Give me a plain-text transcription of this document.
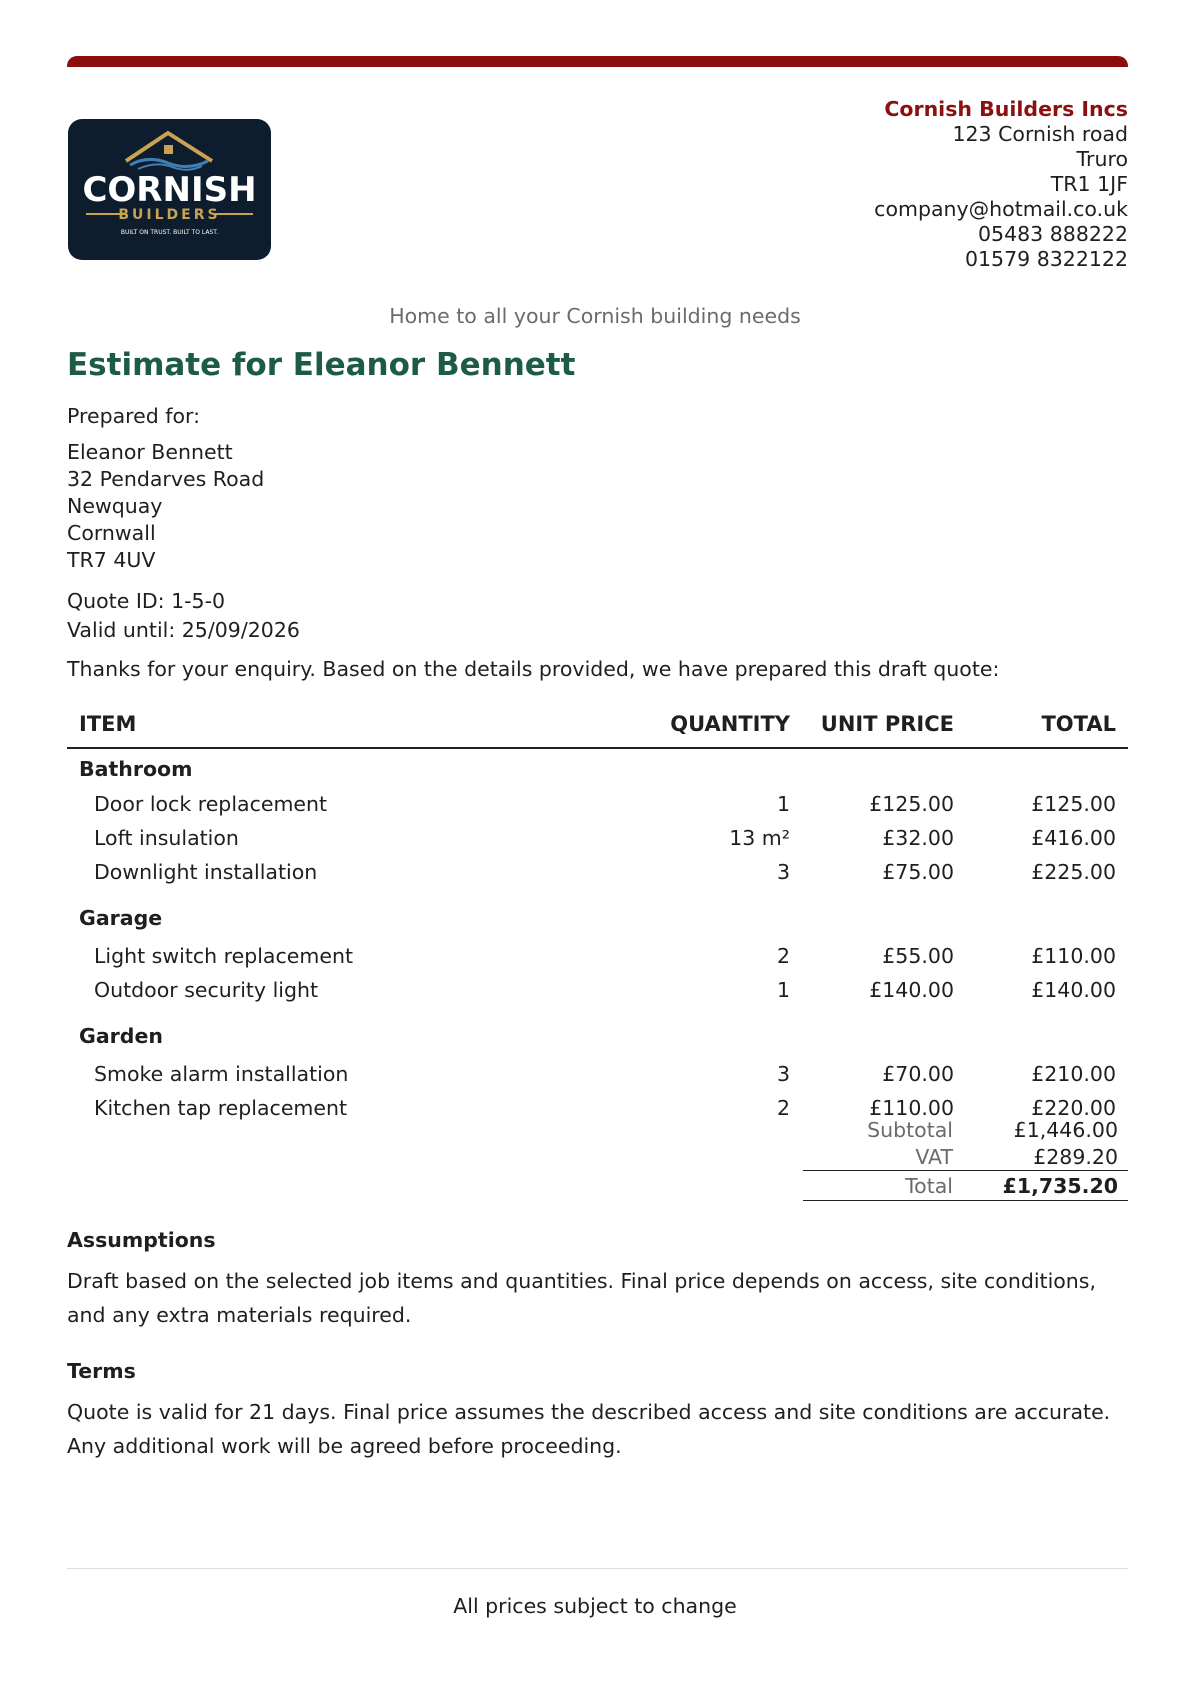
CORNISH
BUILDERS
BUILT ON TRUST. BUILT TO LAST.
Cornish Builders Incs
123 Cornish road
Truro
TR1 1JF
company@hotmail.co.uk
05483 888222
01579 8322122
Home to all your Cornish building needs
Estimate for Eleanor Bennett
Prepared for:
Eleanor Bennett
32 Pendarves Road
Newquay
Cornwall
TR7 4UV
Quote ID: 1-5-0
Valid until: 25/09/2026
Thanks for your enquiry. Based on the details provided, we have prepared this draft quote:
ITEM	QUANTITY	UNIT PRICE	TOTAL
Bathroom			
Door lock replacement	1	£125.00	£125.00
Loft insulation	13 m²	£32.00	£416.00
Downlight installation	3	£75.00	£225.00
Garage			
Light switch replacement	2	£55.00	£110.00
Outdoor security light	1	£140.00	£140.00
Garden			
Smoke alarm installation	3	£70.00	£210.00
Kitchen tap replacement	2	£110.00	£220.00
Subtotal	£1,446.00
VAT	£289.20
Total	£1,735.20
Assumptions

Draft based on the selected job items and quantities. Final price depends on access, site conditions, and any extra materials required.

Terms

Quote is valid for 21 days. Final price assumes the described access and site conditions are accurate. Any additional work will be agreed before proceeding.

All prices subject to change
